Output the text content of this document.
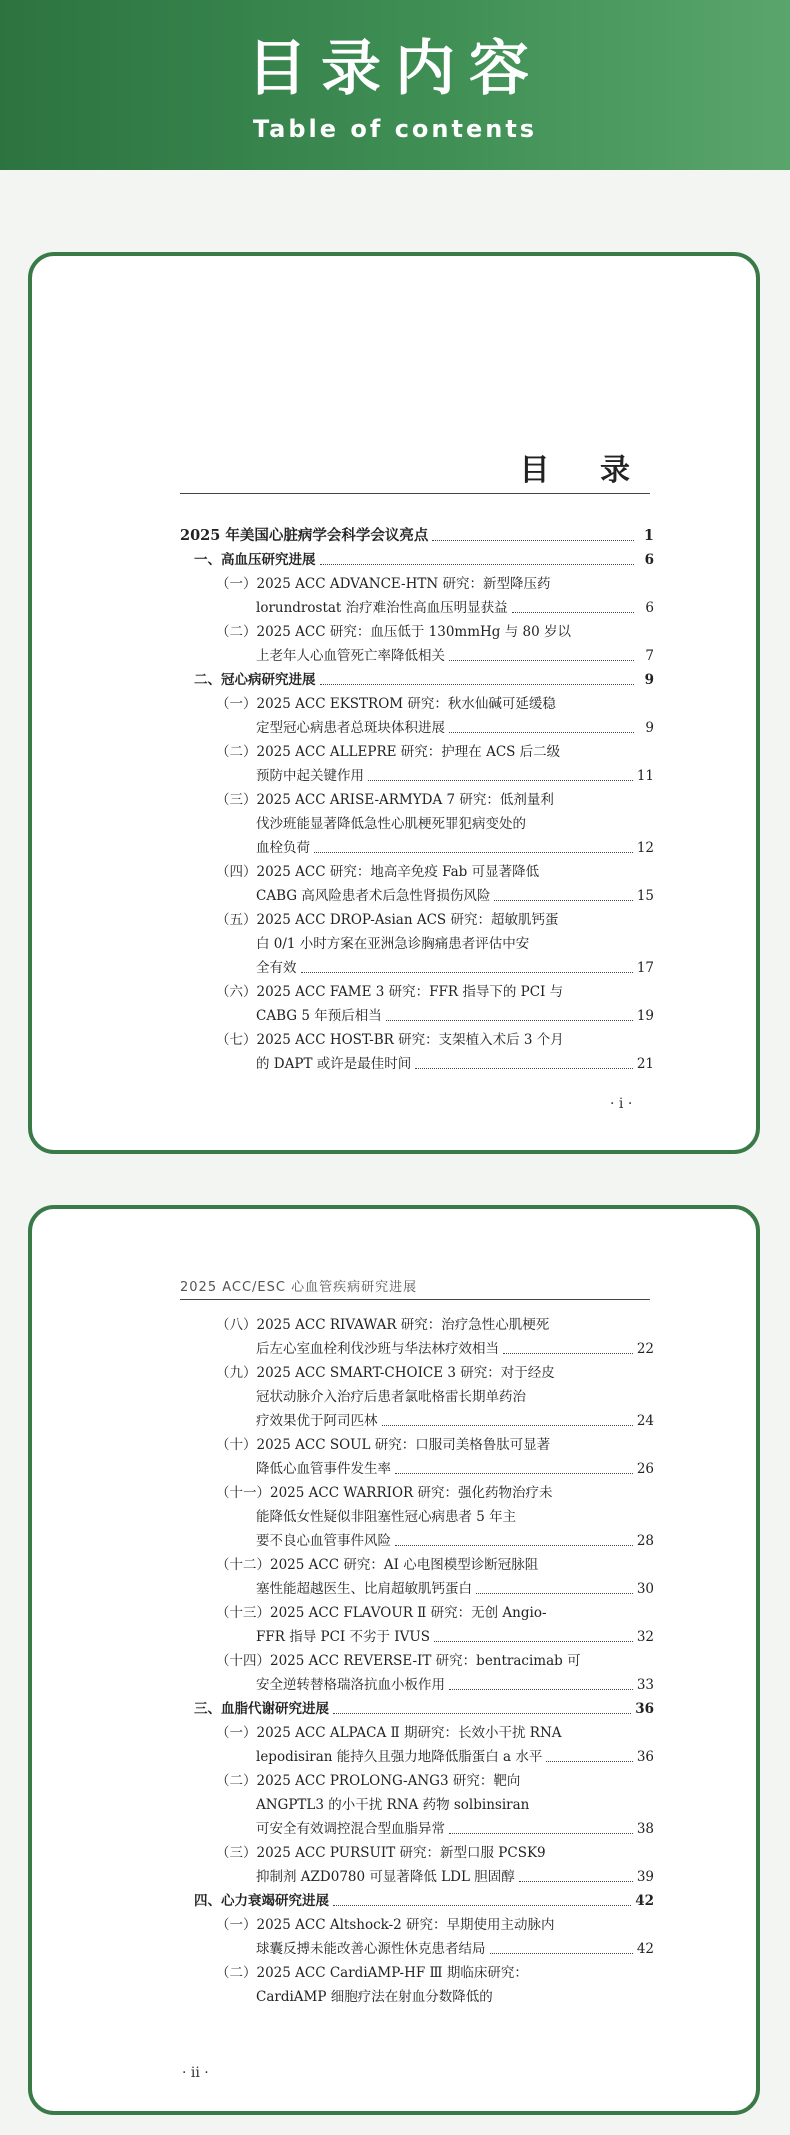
目录内容
Table of contents
目 录
2025 年美国心脏病学会科学会议亮点	1
一、高血压研究进展	6
（一）2025 ACC ADVANCE-HTN 研究：新型降压药
lorundrostat 治疗难治性高血压明显获益	6
（二）2025 ACC 研究：血压低于 130mmHg 与 80 岁以
上老年人心血管死亡率降低相关	7
二、冠心病研究进展	9
（一）2025 ACC EKSTROM 研究：秋水仙碱可延缓稳
定型冠心病患者总斑块体积进展	9
（二）2025 ACC ALLEPRE 研究：护理在 ACS 后二级
预防中起关键作用	11
（三）2025 ACC ARISE-ARMYDA 7 研究：低剂量利
伐沙班能显著降低急性心肌梗死罪犯病变处的
血栓负荷	12
（四）2025 ACC 研究：地高辛免疫 Fab 可显著降低
CABG 高风险患者术后急性肾损伤风险	15
（五）2025 ACC DROP-Asian ACS 研究：超敏肌钙蛋
白 0/1 小时方案在亚洲急诊胸痛患者评估中安
全有效	17
（六）2025 ACC FAME 3 研究：FFR 指导下的 PCI 与
CABG 5 年预后相当	19
（七）2025 ACC HOST-BR 研究：支架植入术后 3 个月
的 DAPT 或许是最佳时间	21
· i ·
2025 ACC/ESC 心血管疾病研究进展
（八）2025 ACC RIVAWAR 研究：治疗急性心肌梗死
后左心室血栓利伐沙班与华法林疗效相当	22
（九）2025 ACC SMART-CHOICE 3 研究：对于经皮
冠状动脉介入治疗后患者氯吡格雷长期单药治
疗效果优于阿司匹林	24
（十）2025 ACC SOUL 研究：口服司美格鲁肽可显著
降低心血管事件发生率	26
（十一）2025 ACC WARRIOR 研究：强化药物治疗未
能降低女性疑似非阻塞性冠心病患者 5 年主
要不良心血管事件风险	28
（十二）2025 ACC 研究：AI 心电图模型诊断冠脉阻
塞性能超越医生、比肩超敏肌钙蛋白	30
（十三）2025 ACC FLAVOUR Ⅱ 研究：无创 Angio-
FFR 指导 PCI 不劣于 IVUS	32
（十四）2025 ACC REVERSE-IT 研究：bentracimab 可
安全逆转替格瑞洛抗血小板作用	33
三、血脂代谢研究进展	36
（一）2025 ACC ALPACA Ⅱ 期研究：长效小干扰 RNA
lepodisiran 能持久且强力地降低脂蛋白 a 水平	36
（二）2025 ACC PROLONG-ANG3 研究：靶向
ANGPTL3 的小干扰 RNA 药物 solbinsiran
可安全有效调控混合型血脂异常	38
（三）2025 ACC PURSUIT 研究：新型口服 PCSK9
抑制剂 AZD0780 可显著降低 LDL 胆固醇	39
四、心力衰竭研究进展	42
（一）2025 ACC Altshock-2 研究：早期使用主动脉内
球囊反搏未能改善心源性休克患者结局	42
（二）2025 ACC CardiAMP-HF Ⅲ 期临床研究：
CardiAMP 细胞疗法在射血分数降低的
· ii ·
